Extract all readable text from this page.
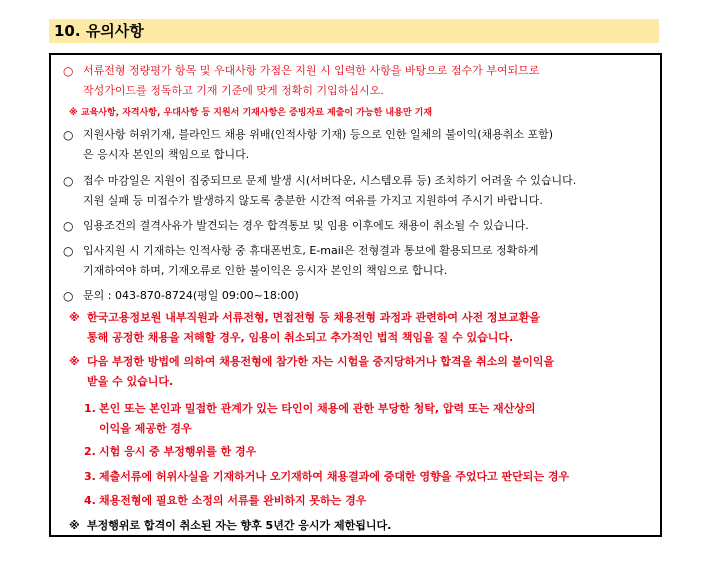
10. 유의사항
○ 서류전형 정량평가 항목 및 우대사항 가점은 지원 시 입력한 사항을 바탕으로 점수가 부여되므로
작성가이드를 정독하고 기재 기준에 맞게 정확히 기입하십시오.
※ 교육사항, 자격사항, 우대사항 등 지원서 기재사항은 증빙자료 제출이 가능한 내용만 기재
○ 지원사항 허위기재, 블라인드 채용 위배(인적사항 기재) 등으로 인한 일체의 불이익(채용취소 포함)
은 응시자 본인의 책임으로 합니다.
○ 접수 마감일은 지원이 집중되므로 문제 발생 시(서버다운, 시스템오류 등) 조치하기 어려울 수 있습니다.
지원 실패 등 미접수가 발생하지 않도록 충분한 시간적 여유를 가지고 지원하여 주시기 바랍니다.
○ 임용조건의 결격사유가 발견되는 경우 합격통보 및 임용 이후에도 채용이 취소될 수 있습니다.
○ 입사지원 시 기재하는 인적사항 중 휴대폰번호, E-mail은 전형결과 통보에 활용되므로 정확하게
기재하여야 하며, 기재오류로 인한 불이익은 응시자 본인의 책임으로 합니다.
○ 문의 : 043-870-8724(평일 09:00~18:00)
※ 한국고용정보원 내부직원과 서류전형, 면접전형 등 채용전형 과정과 관련하여 사전 정보교환을
통해 공정한 채용을 저해할 경우, 임용이 취소되고 추가적인 법적 책임을 질 수 있습니다.
※ 다음 부정한 방법에 의하여 채용전형에 참가한 자는 시험을 중지당하거나 합격을 취소의 불이익을
받을 수 있습니다.
1. 본인 또는 본인과 밀접한 관계가 있는 타인이 채용에 관한 부당한 청탁, 압력 또는 재산상의
이익을 제공한 경우
2. 시험 응시 중 부정행위를 한 경우
3. 제출서류에 허위사실을 기재하거나 오기재하여 채용결과에 중대한 영향을 주었다고 판단되는 경우
4. 채용전형에 필요한 소정의 서류를 완비하지 못하는 경우
※ 부정행위로 합격이 취소된 자는 향후 5년간 응시가 제한됩니다.
